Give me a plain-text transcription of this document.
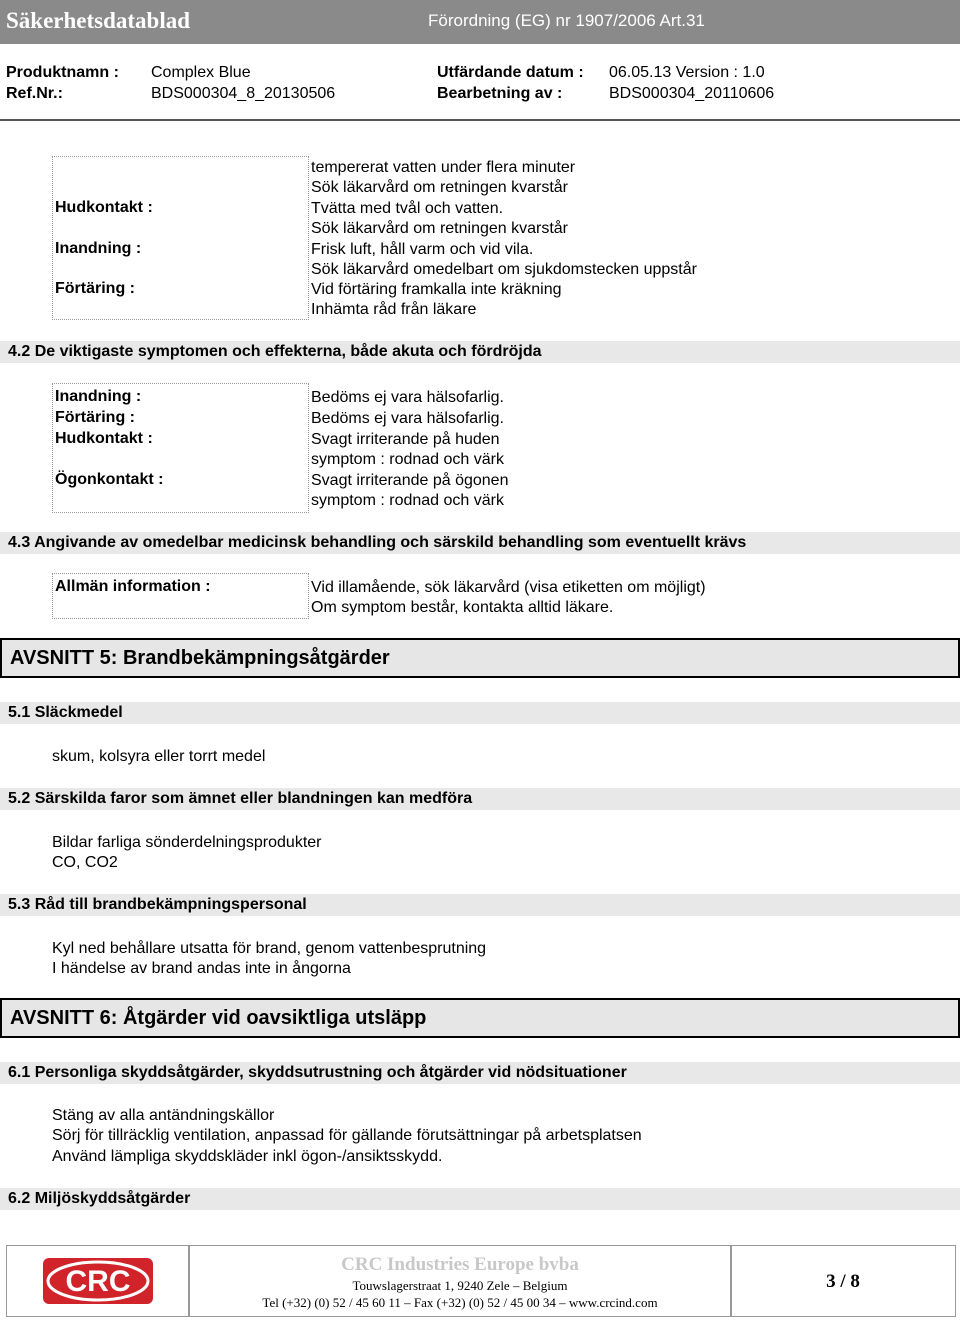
Säkerhetsdatablad	Förordning (EG) nr 1907/2006 Art.31
Produktnamn : Complex Blue	Utfärdande datum : 06.05.13 Version : 1.0
Ref.Nr.:	BDS000304_8_20130506	Bearbetning av :	BDS000304_20110606
tempererat vatten under flera minuter
Sök läkarvård om retningen kvarstår
Hudkontakt :	Tvätta med tvål och vatten.
Sök läkarvård om retningen kvarstår
Inandning :	Frisk luft, håll varm och vid vila.
Sök läkarvård omedelbart om sjukdomstecken uppstår
Förtäring :	Vid förtäring framkalla inte kräkning
Inhämta råd från läkare
4.2 De viktigaste symptomen och effekterna, både akuta och fördröjda
Inandning :	Bedöms ej vara hälsofarlig.
Förtäring :	Bedöms ej vara hälsofarlig.
Hudkontakt :	Svagt irriterande på huden
symptom : rodnad och värk
Ögonkontakt :	Svagt irriterande på ögonen
symptom : rodnad och värk
4.3 Angivande av omedelbar medicinsk behandling och särskild behandling som eventuellt krävs
Allmän information :	Vid illamående, sök läkarvård (visa etiketten om möjligt)
Om symptom består, kontakta alltid läkare.
AVSNITT 5: Brandbekämpningsåtgärder
5.1 Släckmedel
skum, kolsyra eller torrt medel
5.2 Särskilda faror som ämnet eller blandningen kan medföra
Bildar farliga sönderdelningsprodukter
CO, CO2
5.3 Råd till brandbekämpningspersonal
Kyl ned behållare utsatta för brand, genom vattenbesprutning
I händelse av brand andas inte in ångorna
AVSNITT 6: Åtgärder vid oavsiktliga utsläpp
6.1 Personliga skyddsåtgärder, skyddsutrustning och åtgärder vid nödsituationer
Stäng av alla antändningskällor
Sörj för tillräcklig ventilation, anpassad för gällande förutsättningar på arbetsplatsen
Använd lämpliga skyddskläder inkl ögon-/ansiktsskydd.
6.2 Miljöskyddsåtgärder
CRC
CRC Industries Europe bvba
Touwslagerstraat 1, 9240 Zele – Belgium
Tel (+32) (0) 52 / 45 60 11 – Fax (+32) (0) 52 / 45 00 34 – www.crcind.com
3 / 8
